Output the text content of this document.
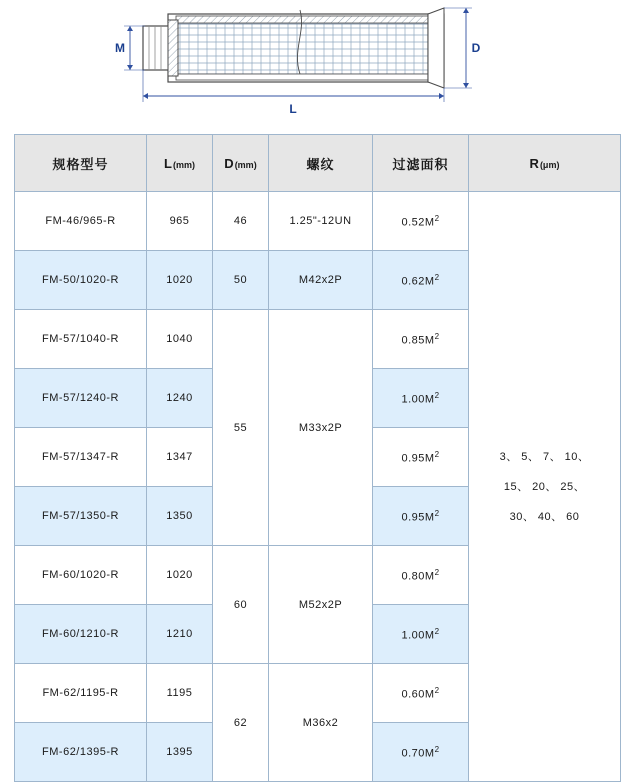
M	D
L
规格型号	L(mm)	D(mm)	螺纹	过滤面积	R(μm)
FM-46/965-R	965	46	1.25"-12UN	$0.52M^2$	3、 5、 7、 10、
15、 20、 25、
30、 40、 60

FM-50/1020-R	1020	50	M42x2P	$0.62M^2$
FM-57/1040-R	1040	55	M33x2P	$0.85M^2$
FM-57/1240-R	1240			$1.00M^2$
FM-57/1347-R	1347			$0.95M^2$
FM-57/1350-R	1350			$0.95M^2$
FM-60/1020-R	1020	60	M52x2P	$0.80M^2$
FM-60/1210-R	1210			$1.00M^2$
FM-62/1195-R	1195	62	M36x2	$0.60M^2$
FM-62/1395-R	1395			$0.70M^2$
